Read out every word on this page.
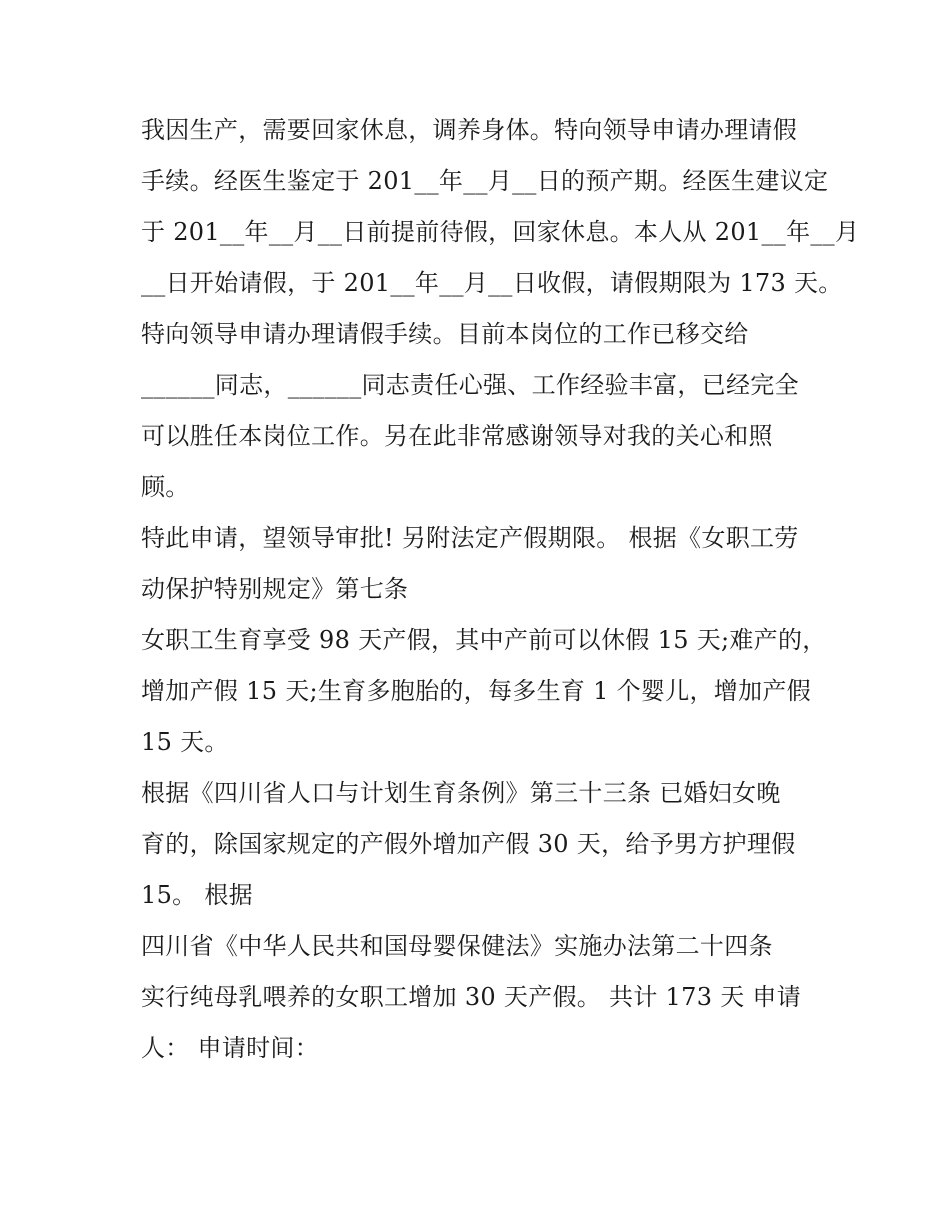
我因生产，需要回家休息，调养身体。特向领导申请办理请假
手续。经医生鉴定于 201__年__月__日的预产期。经医生建议定
于 201__年__月__日前提前待假，回家休息。本人从 201__年__月
__日开始请假，于 201__年__月__日收假，请假期限为 173 天。
特向领导申请办理请假手续。目前本岗位的工作已移交给
______同志，______同志责任心强、工作经验丰富，已经完全
可以胜任本岗位工作。另在此非常感谢领导对我的关心和照
顾。
特此申请，望领导审批! 另附法定产假期限。 根据《女职工劳
动保护特别规定》第七条
女职工生育享受 98 天产假，其中产前可以休假 15 天;难产的，
增加产假 15 天;生育多胞胎的，每多生育 1 个婴儿，增加产假
15 天。
根据《四川省人口与计划生育条例》第三十三条 已婚妇女晚
育的，除国家规定的产假外增加产假 30 天，给予男方护理假
15。 根据
四川省《中华人民共和国母婴保健法》实施办法第二十四条
实行纯母乳喂养的女职工增加 30 天产假。 共计 173 天 申请
人： 申请时间：
